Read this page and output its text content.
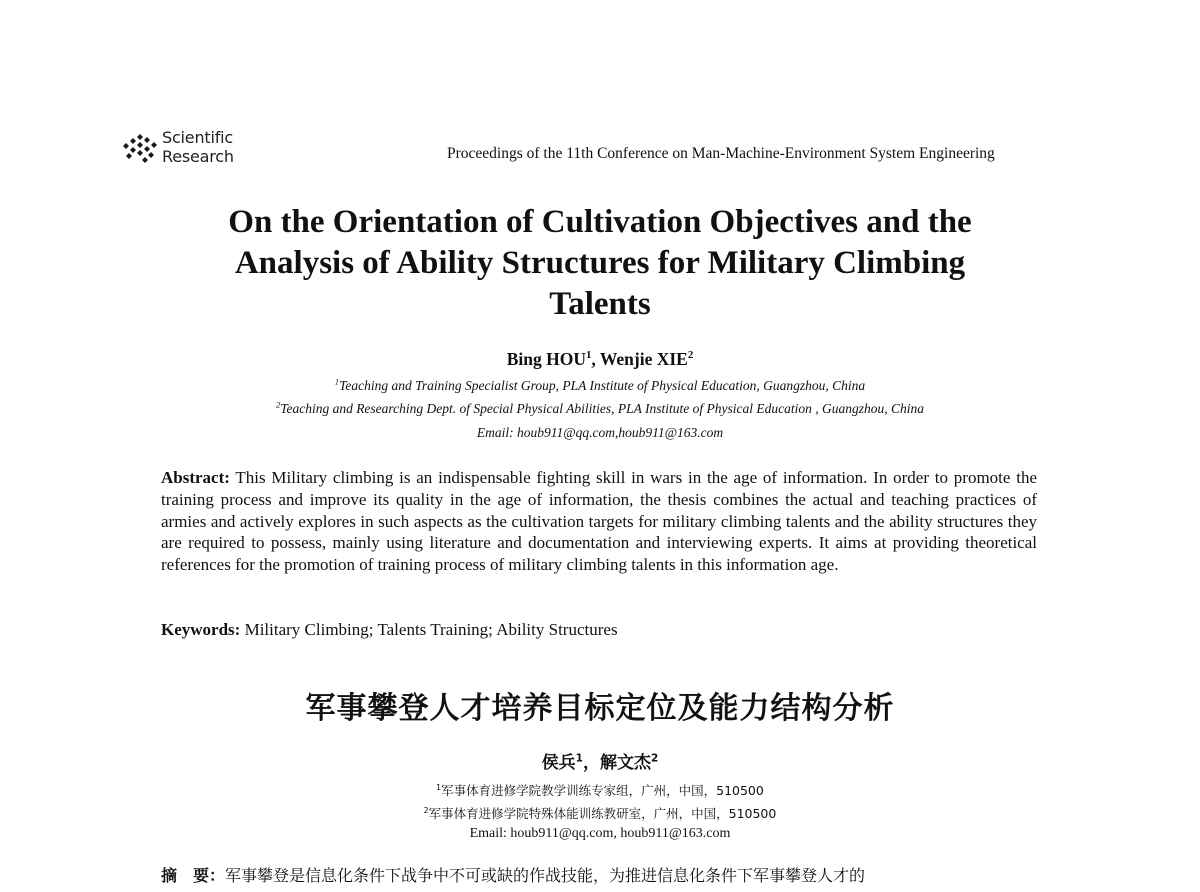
Scientific
Research	Proceedings of the 11th Conference on Man-Machine-Environment System Engineering
On the Orientation of Cultivation Objectives and the
Analysis of Ability Structures for Military Climbing
Talents
Bing HOU$^1$, Wenjie XIE$^2$
$^1$Teaching and Training Specialist Group, PLA Institute of Physical Education, Guangzhou, China
$^2$Teaching and Researching Dept. of Special Physical Abilities, PLA Institute of Physical Education , Guangzhou, China
Email: houb911@qq.com,houb911@163.com
Abstract: This Military climbing is an indispensable fighting skill in wars in the age of information. In order to promote the training process and improve its quality in the age of information, the thesis combines the actual and teaching practices of armies and actively explores in such aspects as the cultivation targets for military climbing talents and the ability structures they are required to possess, mainly using literature and documentation and interviewing experts. It aims at providing theoretical references for the promotion of training process of military climbing talents in this information age.
Keywords: Military Climbing; Talents Training; Ability Structures
军事攀登人才培养目标定位及能力结构分析
侯兵$^1$，解文杰$^2$
$^1$军事体育进修学院教学训练专家组，广州，中国，510500
$^2$军事体育进修学院特殊体能训练教研室，广州，中国，510500
Email: houb911@qq.com, houb911@163.com
摘　要：军事攀登是信息化条件下战争中不可或缺的作战技能，为推进信息化条件下军事攀登人才的
